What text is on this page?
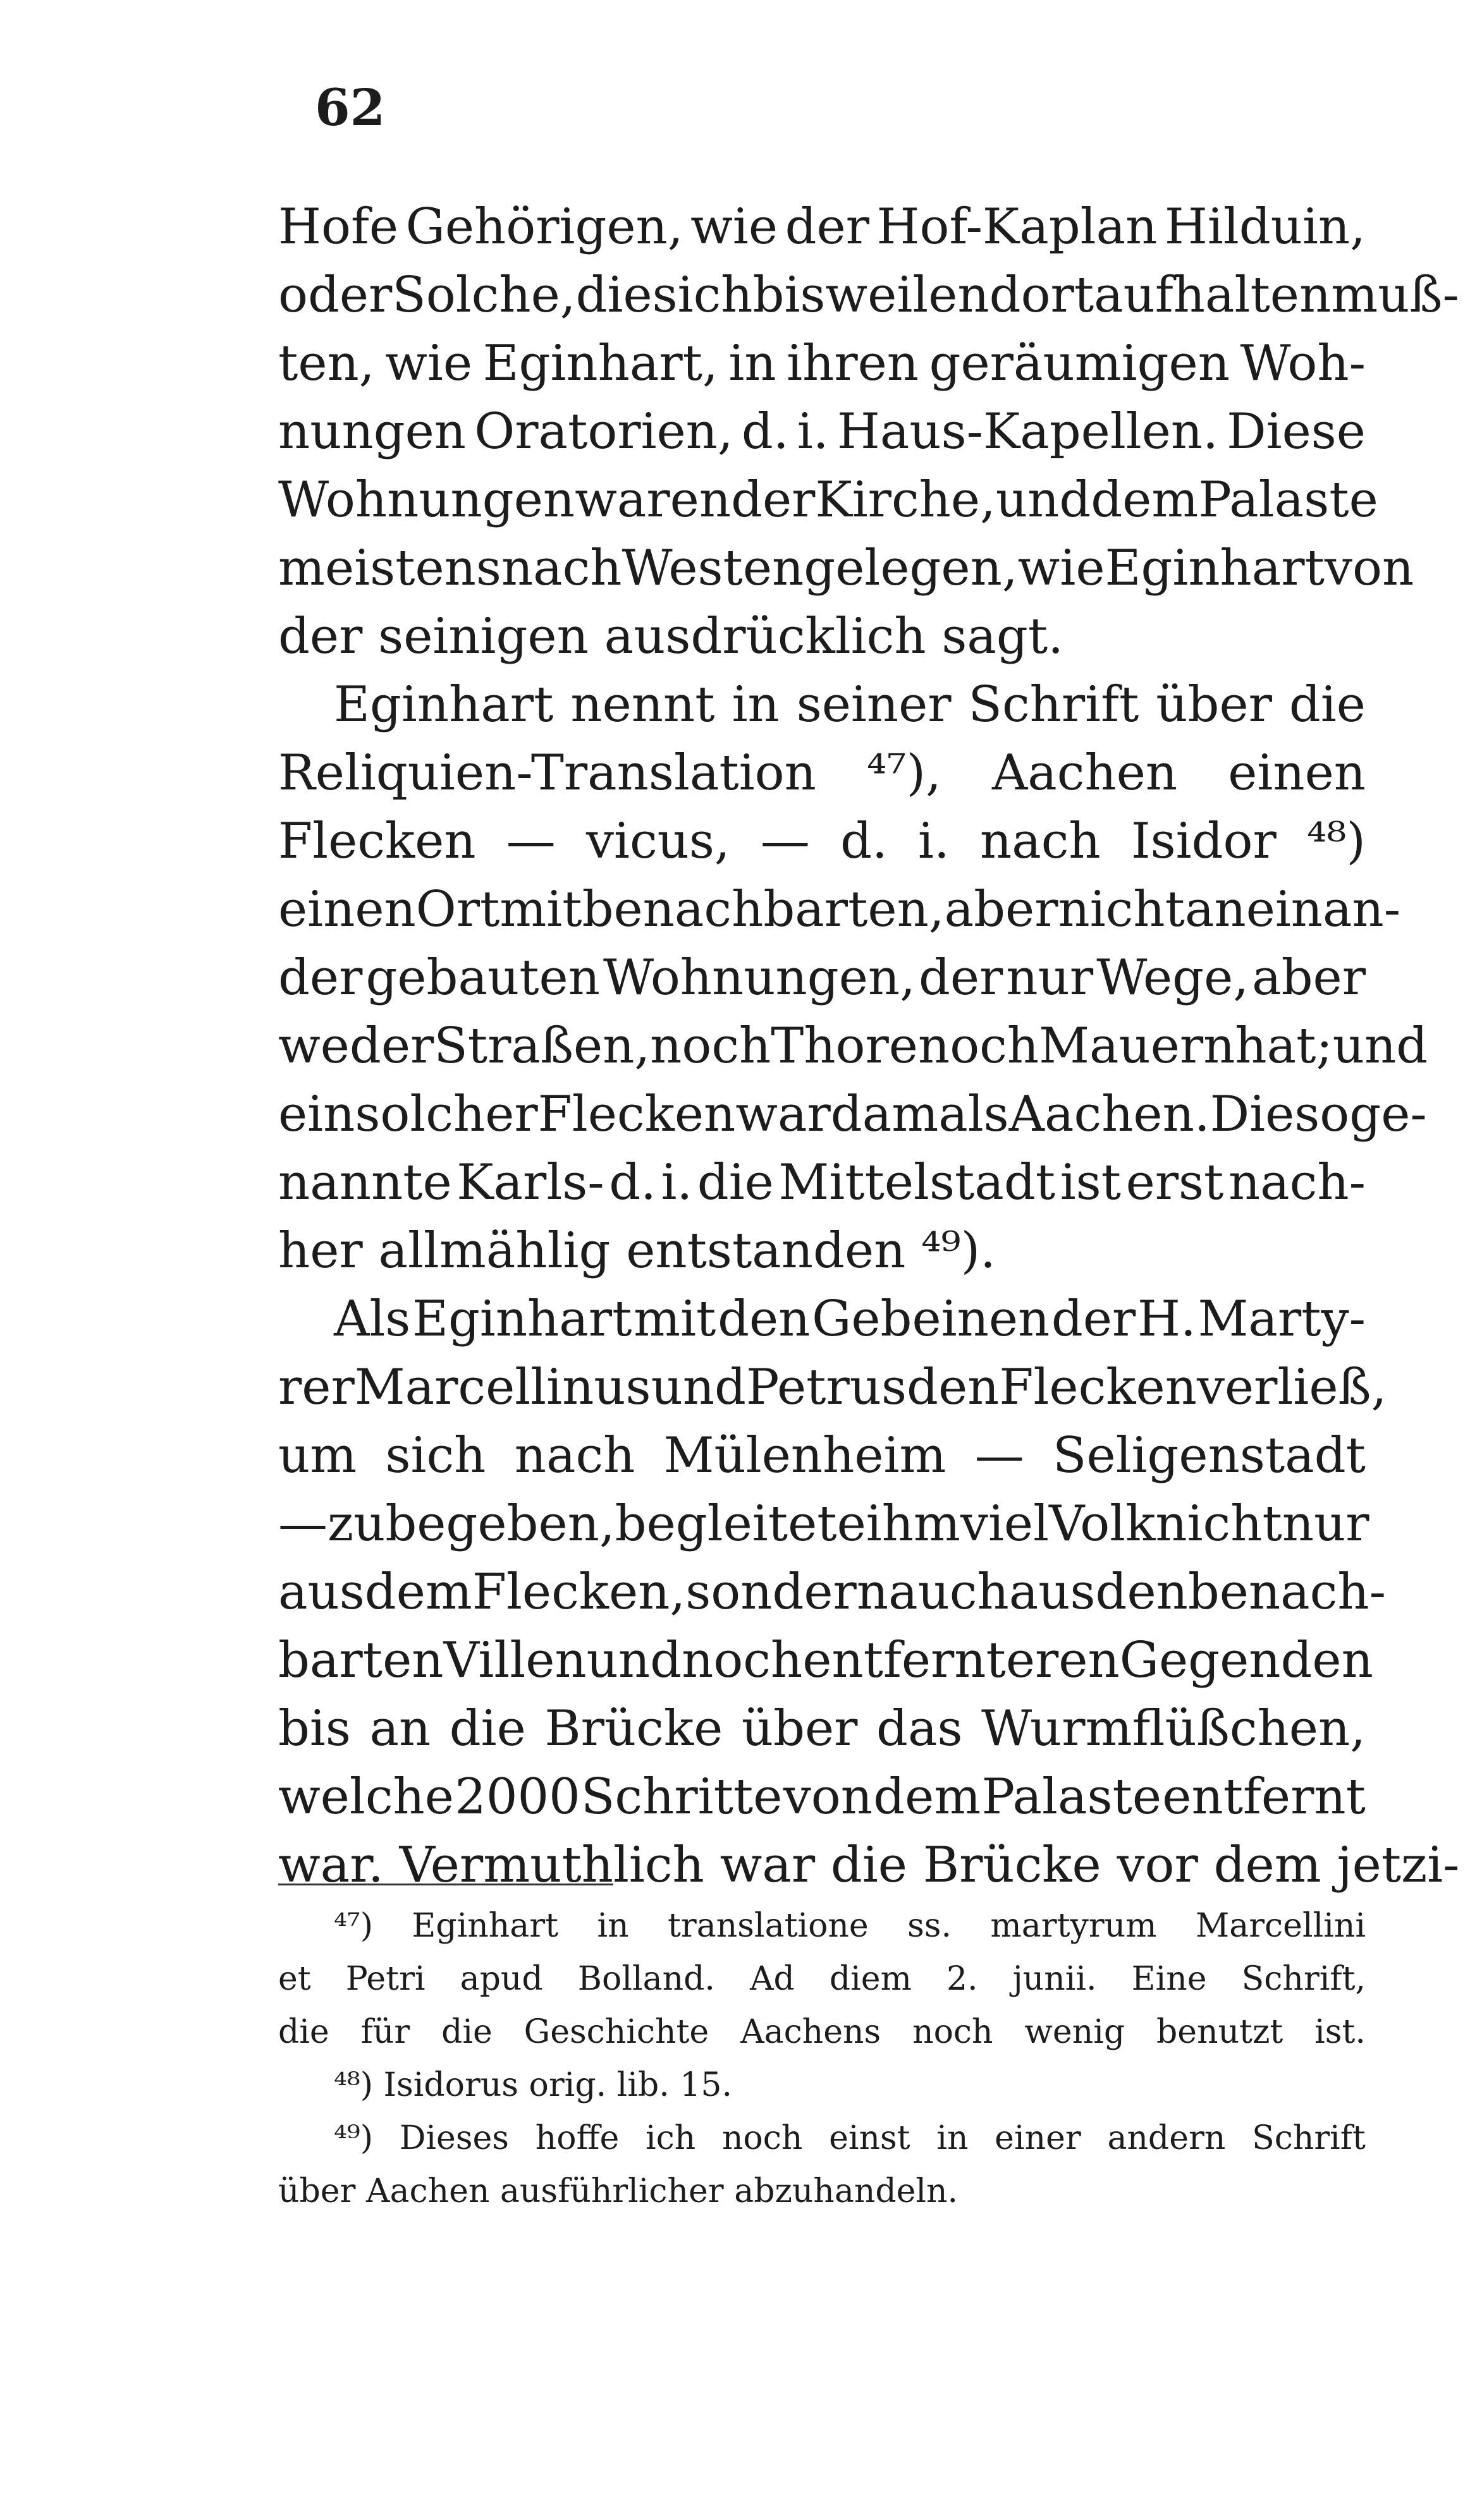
62
Hofe Gehörigen, wie der Hof-Kaplan Hilduin,
oder Solche, die sich bisweilen dort aufhalten muß-
ten, wie Eginhart, in ihren geräumigen Woh-
nungen Oratorien, d. i. Haus-Kapellen. Diese
Wohnungen waren der Kirche, und dem Palaste
meistens nach Westen gelegen, wie Eginhart von
der seinigen ausdrücklich sagt.
Eginhart nennt in seiner Schrift über die
Reliquien-Translation ⁴⁷), Aachen einen
Flecken — vicus, — d. i. nach Isidor ⁴⁸)
einen Ort mit benachbarten, aber nicht aneinan-
der gebauten Wohnungen, der nur Wege, aber
weder Straßen, noch Thore noch Mauern hat; und
ein solcher Flecken war damals Aachen. Die soge-
nannte Karls- d. i. die Mittelstadt ist erst nach-
her allmählig entstanden ⁴⁹).
Als Eginhart mit den Gebeinen der H. Marty-
rer Marcellinus und Petrus den Flecken verließ,
um sich nach Mülenheim — Seligenstadt
— zu begeben, begleitete ihm viel Volk nicht nur
aus dem Flecken, sondern auch aus den benach-
barten Villen und noch entfernteren Gegenden
bis an die Brücke über das Wurmflüßchen,
welche 2000 Schritte von dem Palaste entfernt
war. Vermuthlich war die Brücke vor dem jetzi-
⁴⁷) Eginhart in translatione ss. martyrum Marcellini
et Petri apud Bolland. Ad diem 2. junii. Eine Schrift,
die für die Geschichte Aachens noch wenig benutzt ist.
⁴⁸) Isidorus orig. lib. 15.
⁴⁹) Dieses hoffe ich noch einst in einer andern Schrift
über Aachen ausführlicher abzuhandeln.
